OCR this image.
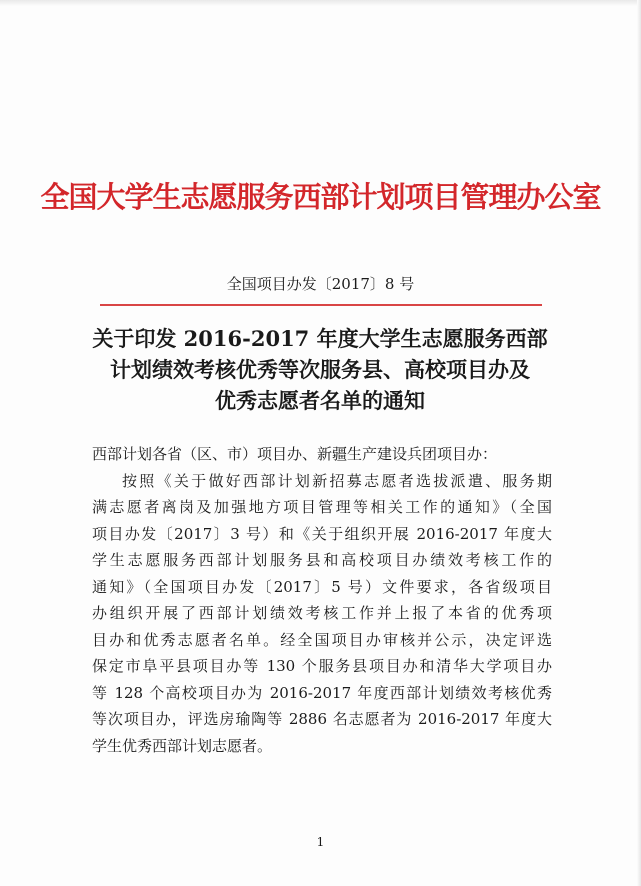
全国大学生志愿服务西部计划项目管理办公室
全国项目办发〔2017〕8 号
关于印发 2016-2017 年度大学生志愿服务西部
计划绩效考核优秀等次服务县、高校项目办及
优秀志愿者名单的通知
西部计划各省（区、市）项目办、新疆生产建设兵团项目办：
按照《关于做好西部计划新招募志愿者选拔派遣、服务期
满志愿者离岗及加强地方项目管理等相关工作的通知》（全国
项目办发〔2017〕3 号）和《关于组织开展 2016-2017 年度大
学生志愿服务西部计划服务县和高校项目办绩效考核工作的
通知》（全国项目办发〔2017〕5 号）文件要求，各省级项目
办组织开展了西部计划绩效考核工作并上报了本省的优秀项
目办和优秀志愿者名单。经全国项目办审核并公示，决定评选
保定市阜平县项目办等 130 个服务县项目办和清华大学项目办
等 128 个高校项目办为 2016-2017 年度西部计划绩效考核优秀
等次项目办，评选房瑜陶等 2886 名志愿者为 2016-2017 年度大
学生优秀西部计划志愿者。
1
